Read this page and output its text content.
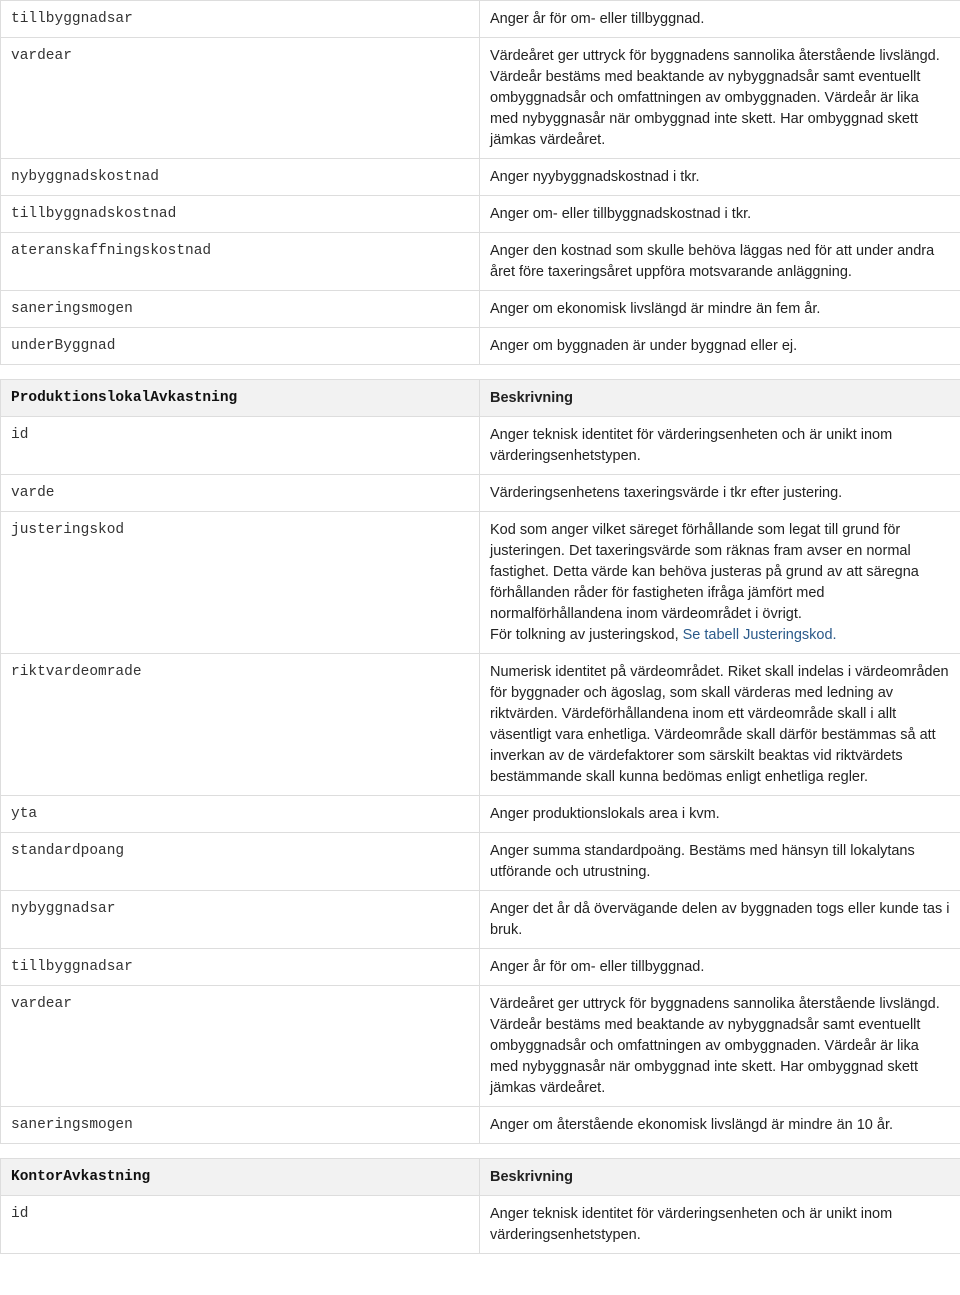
tillbyggnadsar	Anger år för om- eller tillbyggnad.
vardear	Värdeåret ger uttryck för byggnadens sannolika återstående livslängd. Värdeår bestäms med beaktande av nybyggnadsår samt eventuellt ombyggnadsår och omfattningen av ombyggnaden. Värdeår är lika med nybyggnasår när ombyggnad inte skett. Har ombyggnad skett jämkas värdeåret.
nybyggnadskostnad	Anger nyybyggnadskostnad i tkr.
tillbyggnadskostnad	Anger om- eller tillbyggnadskostnad i tkr.
ateranskaffningskostnad	Anger den kostnad som skulle behöva läggas ned för att under andra året före taxeringsåret uppföra motsvarande anläggning.
saneringsmogen	Anger om ekonomisk livslängd är mindre än fem år.
underByggnad	Anger om byggnaden är under byggnad eller ej.
ProduktionslokalAvkastning	Beskrivning
id	Anger teknisk identitet för värderingsenheten och är unikt inom värderingsenhetstypen.
varde	Värderingsenhetens taxeringsvärde i tkr efter justering.
justeringskod	Kod som anger vilket säreget förhållande som legat till grund för justeringen. Det taxeringsvärde som räknas fram avser en normal fastighet. Detta värde kan behöva justeras på grund av att säregna förhållanden råder för fastigheten ifråga jämfört med normalförhållandena inom värdeområdet i övrigt.

För tolkning av justeringskod, Se tabell Justeringskod.

riktvardeomrade	Numerisk identitet på värdeområdet. Riket skall indelas i värdeområden för byggnader och ägoslag, som skall värderas med ledning av riktvärden. Värdeförhållandena inom ett värdeområde skall i allt väsentligt vara enhetliga. Värdeområde skall därför bestämmas så att inverkan av de värdefaktorer som särskilt beaktas vid riktvärdets bestämmande skall kunna bedömas enligt enhetliga regler.
yta	Anger produktionslokals area i kvm.
standardpoang	Anger summa standardpoäng. Bestäms med hänsyn till lokalytans utförande och utrustning.
nybyggnadsar	Anger det år då övervägande delen av byggnaden togs eller kunde tas i bruk.
tillbyggnadsar	Anger år för om- eller tillbyggnad.
vardear	Värdeåret ger uttryck för byggnadens sannolika återstående livslängd. Värdeår bestäms med beaktande av nybyggnadsår samt eventuellt ombyggnadsår och omfattningen av ombyggnaden. Värdeår är lika med nybyggnasår när ombyggnad inte skett. Har ombyggnad skett jämkas värdeåret.
saneringsmogen	Anger om återstående ekonomisk livslängd är mindre än 10 år.
KontorAvkastning	Beskrivning
id	Anger teknisk identitet för värderingsenheten och är unikt inom värderingsenhetstypen.
